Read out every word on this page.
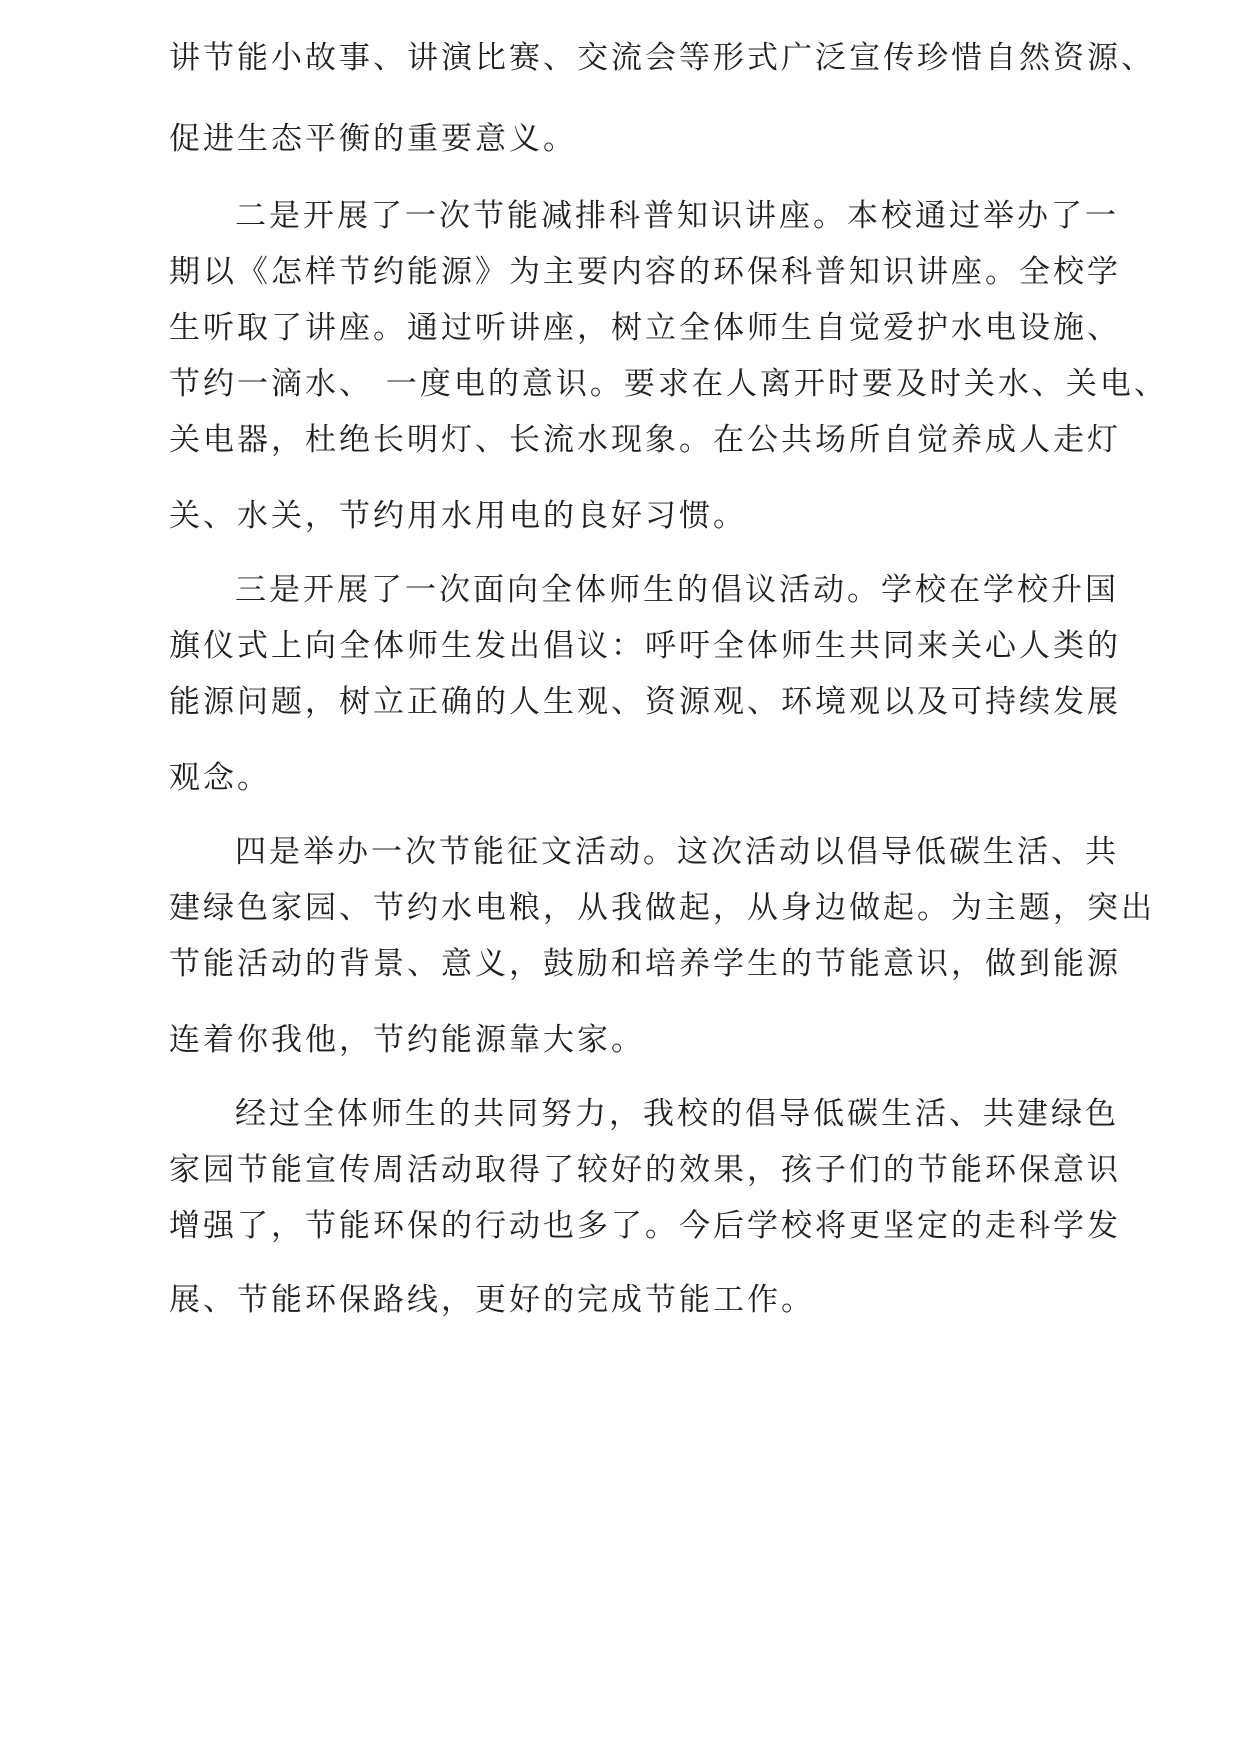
讲节能小故事、讲演比赛、交流会等形式广泛宣传珍惜自然资源、
促进生态平衡的重要意义。
二是开展了一次节能减排科普知识讲座。本校通过举办了一
期以《怎样节约能源》为主要内容的环保科普知识讲座。全校学
生听取了讲座。通过听讲座，树立全体师生自觉爱护水电设施、
节约一滴水、 一度电的意识。要求在人离开时要及时关水、关电、
关电器，杜绝长明灯、长流水现象。在公共场所自觉养成人走灯
关、水关，节约用水用电的良好习惯。
三是开展了一次面向全体师生的倡议活动。学校在学校升国
旗仪式上向全体师生发出倡议：呼吁全体师生共同来关心人类的
能源问题，树立正确的人生观、资源观、环境观以及可持续发展
观念。
四是举办一次节能征文活动。这次活动以倡导低碳生活、共
建绿色家园、节约水电粮，从我做起，从身边做起。为主题，突出
节能活动的背景、意义，鼓励和培养学生的节能意识，做到能源
连着你我他，节约能源靠大家。
经过全体师生的共同努力，我校的倡导低碳生活、共建绿色
家园节能宣传周活动取得了较好的效果，孩子们的节能环保意识
增强了，节能环保的行动也多了。今后学校将更坚定的走科学发
展、节能环保路线，更好的完成节能工作。
